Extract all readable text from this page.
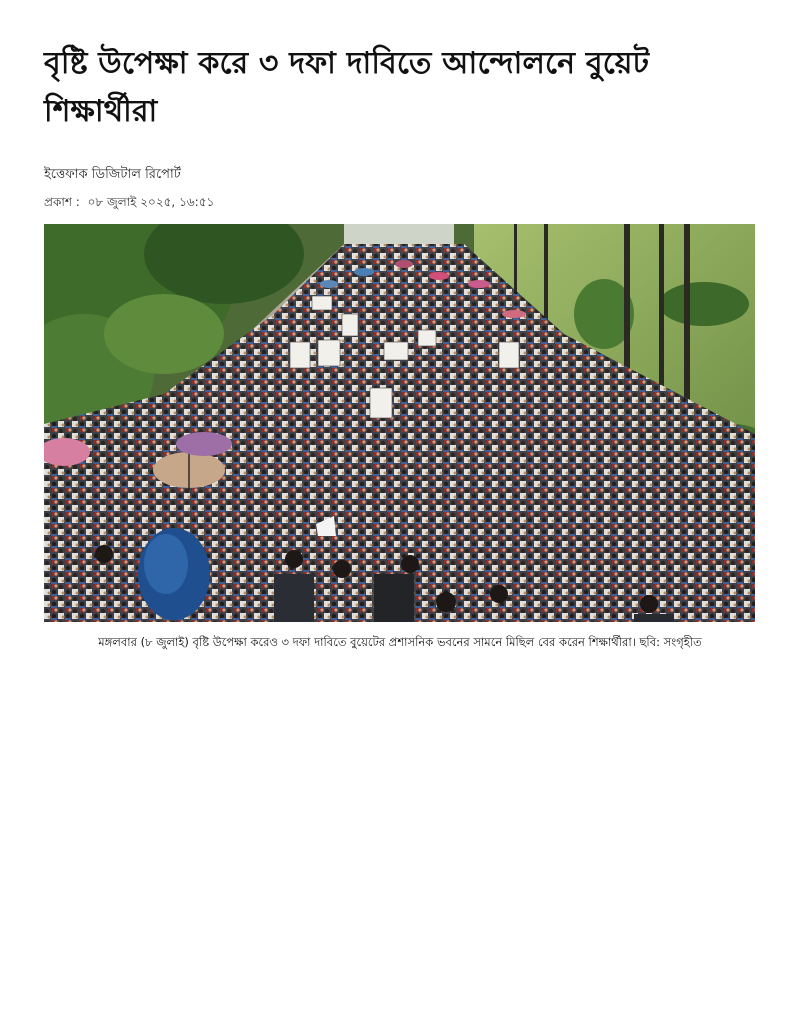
বৃষ্টি উপেক্ষা করে ৩ দফা দাবিতে আন্দোলনে বুয়েট শিক্ষার্থীরা
ইত্তেফাক ডিজিটাল রিপোর্ট
প্রকাশ : ০৮ জুলাই ২০২৫, ১৬:৫১
মঙ্গলবার (৮ জুলাই) বৃষ্টি উপেক্ষা করেও ৩ দফা দাবিতে বুয়েটের প্রশাসনিক ভবনের সামনে মিছিল বের করেন শিক্ষার্থীরা। ছবি: সংগৃহীত
